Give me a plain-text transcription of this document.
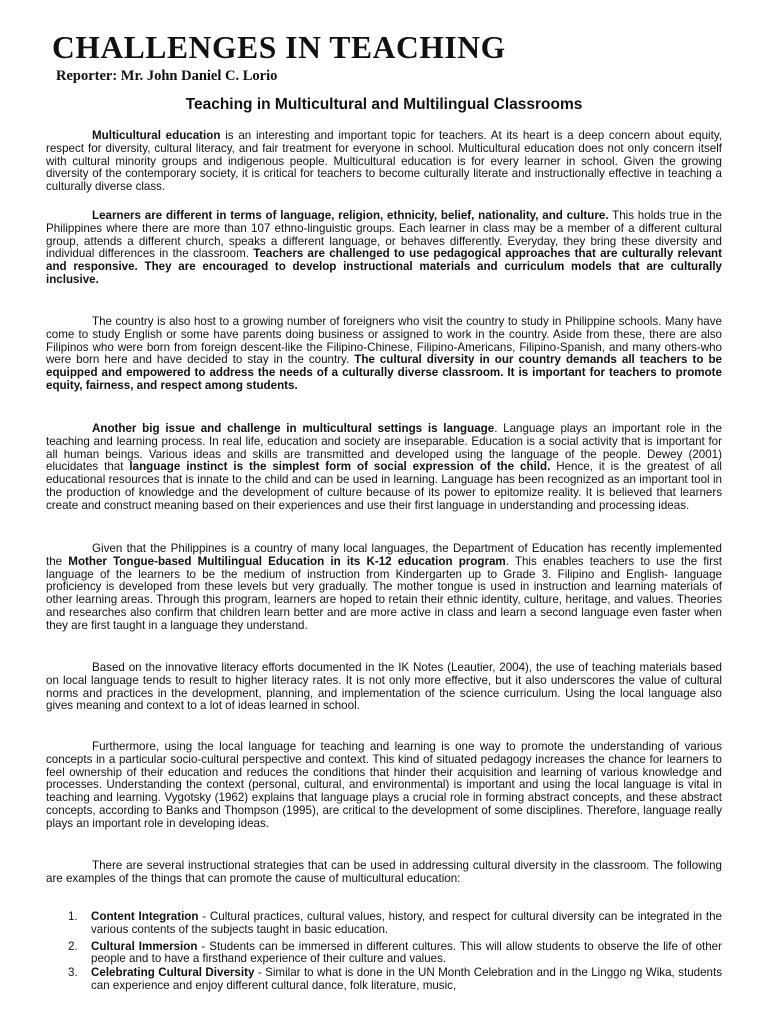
CHALLENGES IN TEACHING
Reporter: Mr. John Daniel C. Lorio
Teaching in Multicultural and Multilingual Classrooms

Multicultural education is an interesting and important topic for teachers. At its heart is a deep concern about equity, respect for diversity, cultural literacy, and fair treatment for everyone in school. Multicultural education does not only concern itself with cultural minority groups and indigenous people. Multicultural education is for every learner in school. Given the growing diversity of the contemporary society, it is critical for teachers to become culturally literate and instructionally effective in teaching a culturally diverse class.

Learners are different in terms of language, religion, ethnicity, belief, nationality, and culture. This holds true in the Philippines where there are more than 107 ethno-linguistic groups. Each learner in class may be a member of a different cultural group, attends a different church, speaks a different language, or behaves differently. Everyday, they bring these diversity and individual differences in the classroom. Teachers are challenged to use pedagogical approaches that are culturally relevant and responsive. They are encouraged to develop instructional materials and curriculum models that are culturally inclusive.

The country is also host to a growing number of foreigners who visit the country to study in Philippine schools. Many have come to study English or some have parents doing business or assigned to work in the country. Aside from these, there are also Filipinos who were born from foreign descent-like the Filipino-Chinese, Filipino-Americans, Filipino-Spanish, and many others-who were born here and have decided to stay in the country. The cultural diversity in our country demands all teachers to be equipped and empowered to address the needs of a culturally diverse classroom. It is important for teachers to promote equity, fairness, and respect among students.

Another big issue and challenge in multicultural settings is language. Language plays an important role in the teaching and learning process. In real life, education and society are inseparable. Education is a social activity that is important for all human beings. Various ideas and skills are transmitted and developed using the language of the people. Dewey (2001) elucidates that language instinct is the simplest form of social expression of the child. Hence, it is the greatest of all educational resources that is innate to the child and can be used in learning. Language has been recognized as an important tool in the production of knowledge and the development of culture because of its power to epitomize reality. It is believed that learners create and construct meaning based on their experiences and use their first language in understanding and processing ideas.

Given that the Philippines is a country of many local languages, the Department of Education has recently implemented the Mother Tongue-based Multilingual Education in its K-12 education program. This enables teachers to use the first language of the learners to be the medium of instruction from Kindergarten up to Grade 3. Filipino and English- language proficiency is developed from these levels but very gradually. The mother tongue is used in instruction and learning materials of other learning areas. Through this program, learners are hoped to retain their ethnic identity, culture, heritage, and values. Theories and researches also confirm that children learn better and are more active in class and learn a second language even faster when they are first taught in a language they understand.

Based on the innovative literacy efforts documented in the IK Notes (Leautier, 2004), the use of teaching materials based on local language tends to result to higher literacy rates. It is not only more effective, but it also underscores the value of cultural norms and practices in the development, planning, and implementation of the science curriculum. Using the local language also gives meaning and context to a lot of ideas learned in school.

Furthermore, using the local language for teaching and learning is one way to promote the understanding of various concepts in a particular socio-cultural perspective and context. This kind of situated pedagogy increases the chance for learners to feel ownership of their education and reduces the conditions that hinder their acquisition and learning of various knowledge and processes. Understanding the context (personal, cultural, and environmental) is important and using the local language is vital in teaching and learning. Vygotsky (1962) explains that language plays a crucial role in forming abstract concepts, and these abstract concepts, according to Banks and Thompson (1995), are critical to the development of some disciplines. Therefore, language really plays an important role in developing ideas.

There are several instructional strategies that can be used in addressing cultural diversity in the classroom. The following are examples of the things that can promote the cause of multicultural education:

1. Content Integration - Cultural practices, cultural values, history, and respect for cultural diversity can be integrated in the various contents of the subjects taught in basic education.
2. Cultural Immersion - Students can be immersed in different cultures. This will allow students to observe the life of other people and to have a firsthand experience of their culture and values.
3. Celebrating Cultural Diversity - Similar to what is done in the UN Month Celebration and in the Linggo ng Wika, students can experience and enjoy different cultural dance, folk literature, music,
